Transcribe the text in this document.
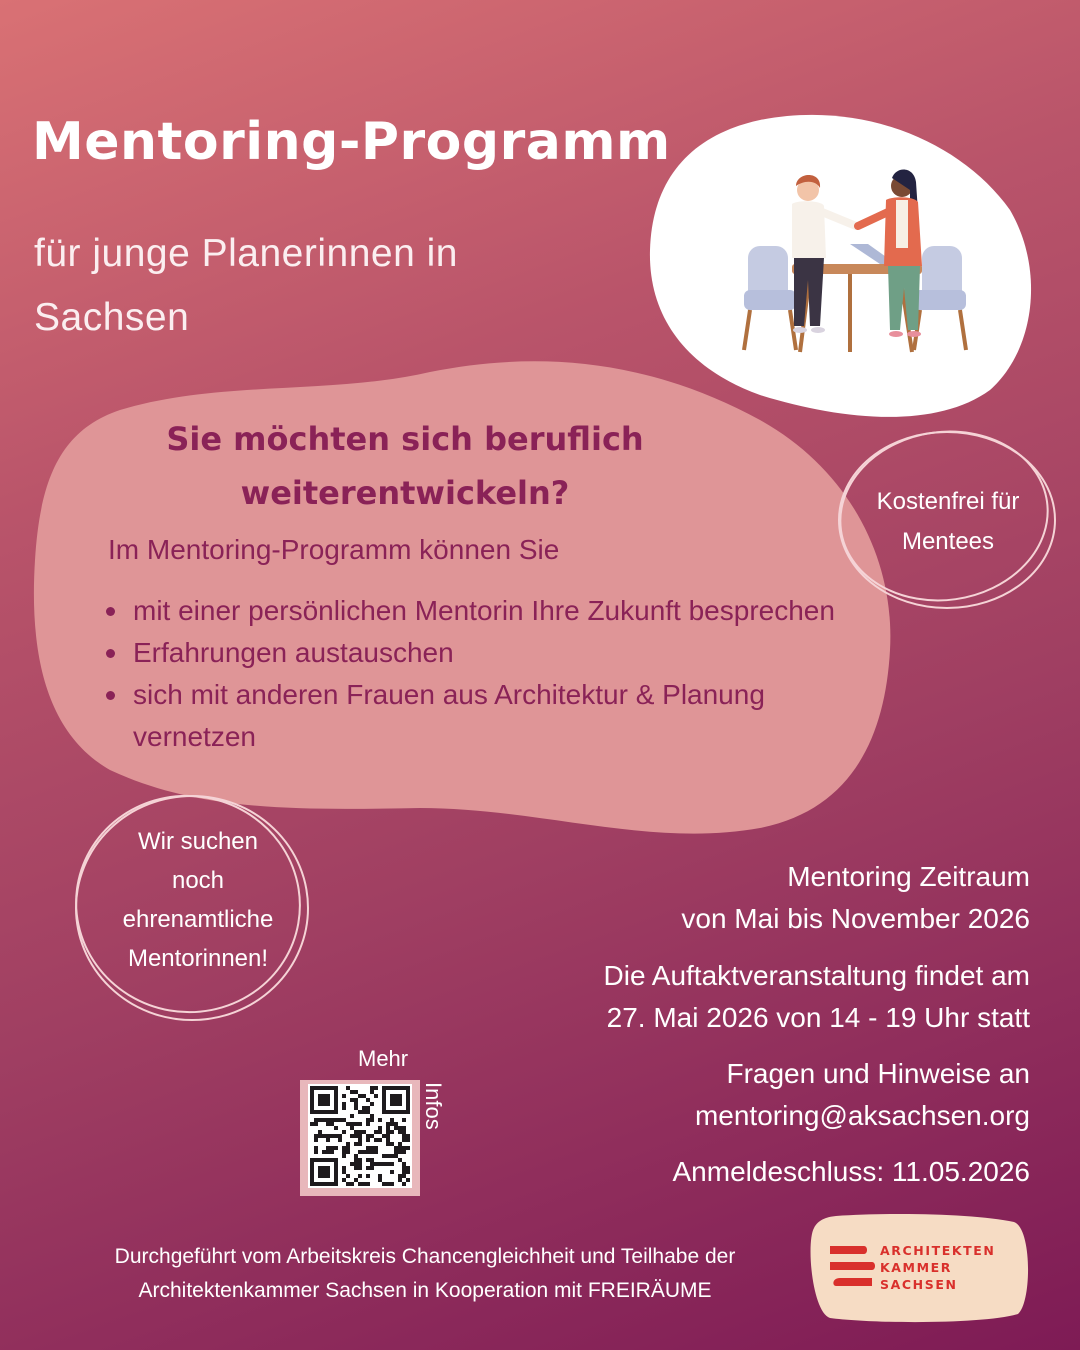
Mentoring-Programm
für junge Planerinnen in Sachsen
Sie möchten sich beruflich weiterentwickeln?
Im Mentoring-Programm können Sie
mit einer persönlichen Mentorin Ihre Zukunft besprechen
Erfahrungen austauschen
sich mit anderen Frauen aus Architektur & Planung vernetzen
Kostenfrei für
Mentees
Wir suchen
noch
ehrenamtliche
Mentorinnen!
Mentoring Zeitraum
von Mai bis November 2026
Die Auftaktveranstaltung findet am
27. Mai 2026 von 14 - 19 Uhr statt
Fragen und Hinweise an
mentoring@aksachsen.org
Anmeldeschluss: 11.05.2026
Mehr
Infos
Durchgeführt vom Arbeitskreis Chancengleichheit und Teilhabe der
Architektenkammer Sachsen in Kooperation mit FREIRÄUME
ARCHITEKTEN
KAMMER
SACHSEN
